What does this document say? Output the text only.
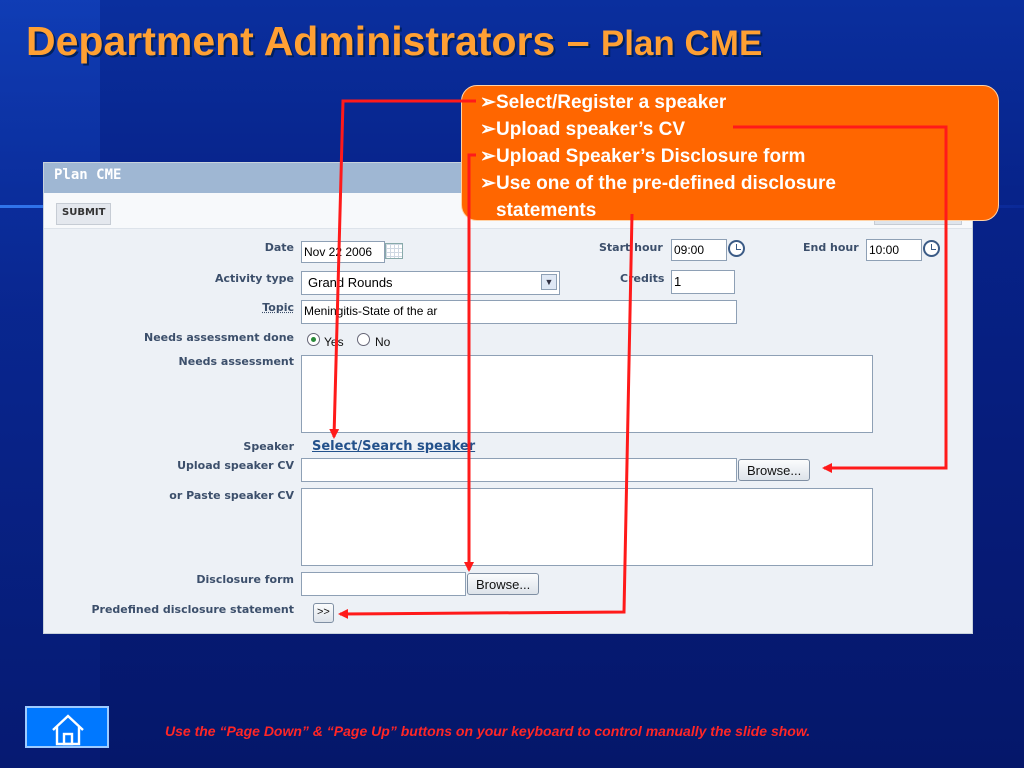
Department Administrators – Plan CME
Plan CME
SUBMIT
Date Nov 22 2006	Start hour 09:00	End hour 10:00
Activity type	Grand Rounds	▼	Credits 1
Topic Meningitis-State of the ar
Needs assessment done	Yes	No
Needs assessment
Speaker Select/Search speaker
Upload speaker CV	Browse...
or Paste speaker CV
Disclosure form	Browse...
Predefined disclosure statement	>>
➢ Select/Register a speaker
➢ Upload speaker’s CV
➢ Upload Speaker’s Disclosure form
➢ Use one of the pre-defined disclosure statements
Use the “Page Down” & “Page Up” buttons on your keyboard to control manually the slide show.
